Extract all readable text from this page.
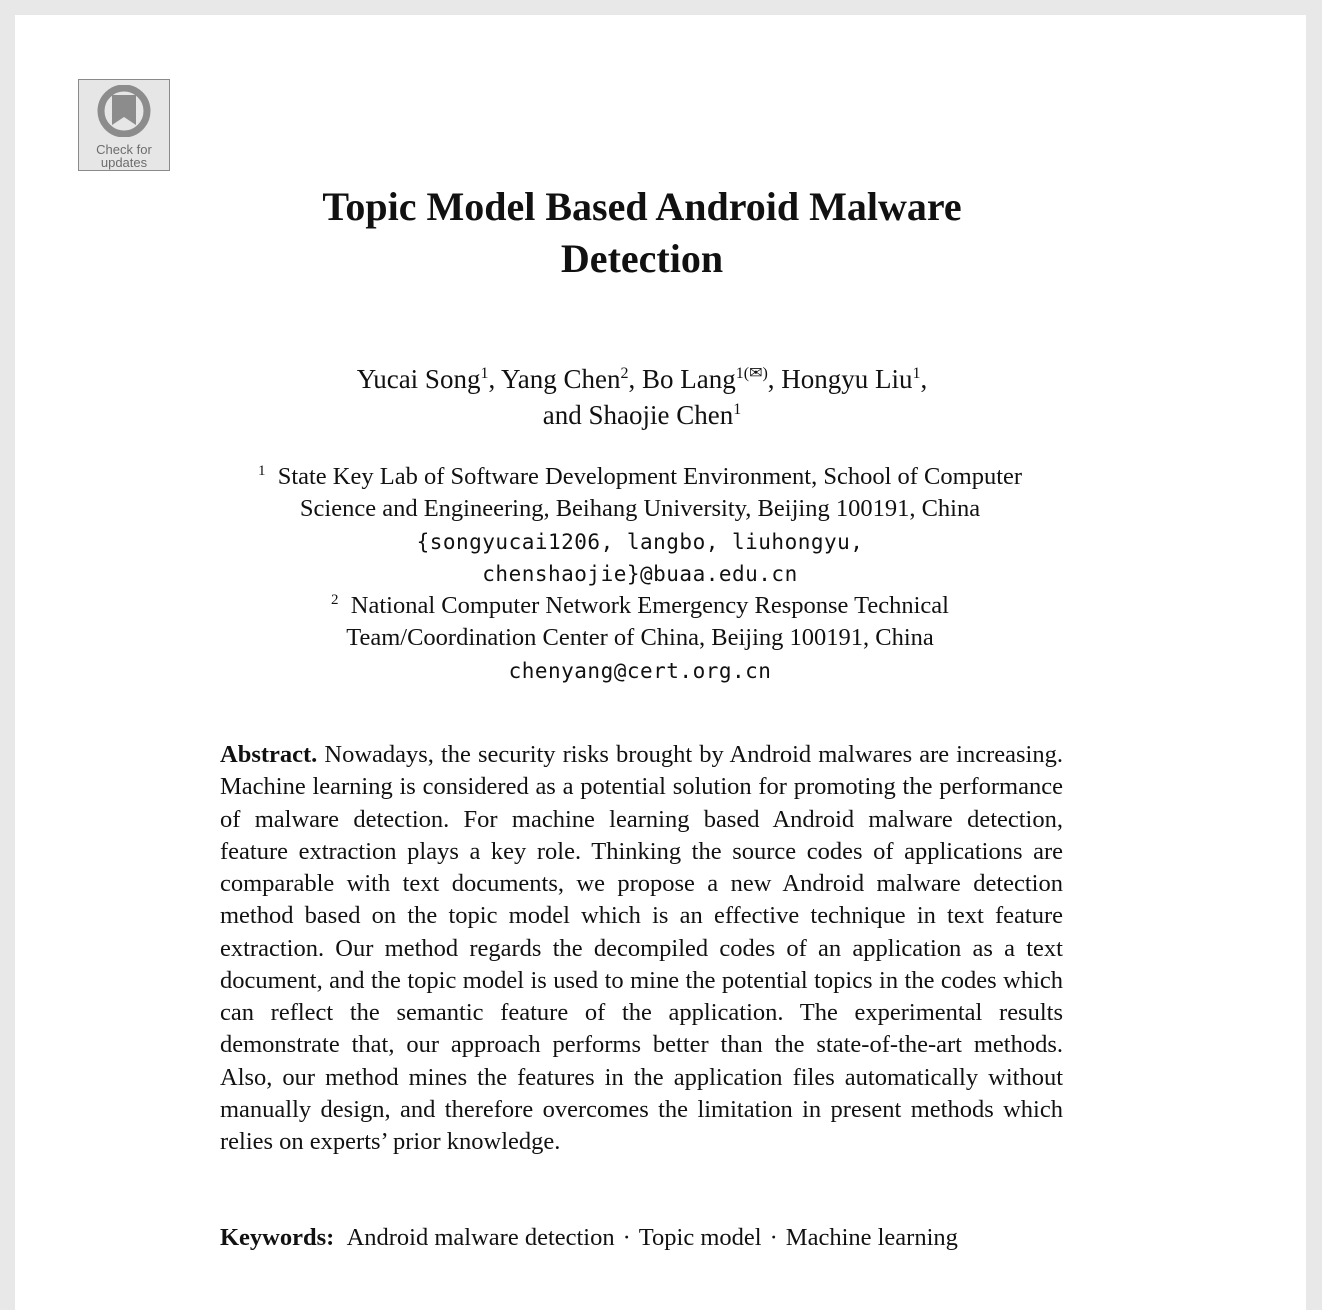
Check for
updates
Topic Model Based Android Malware
Detection
Yucai Song$^1$, Yang Chen$^2$, Bo Lang$^{1(✉)}$, Hongyu Liu$^1$,
and Shaojie Chen$^1$
$^1$ State Key Lab of Software Development Environment, School of Computer
Science and Engineering, Beihang University, Beijing 100191, China
{songyucai1206, langbo, liuhongyu,
chenshaojie}@buaa.edu.cn
$^2$ National Computer Network Emergency Response Technical
Team/Coordination Center of China, Beijing 100191, China
chenyang@cert.org.cn

Abstract. Nowadays, the security risks brought by Android malwares are increasing. Machine learning is considered as a potential solution for promoting the performance of malware detection. For machine learning based Android malware detection, feature extraction plays a key role. Thinking the source codes of applications are comparable with text documents, we propose a new Android malware detection method based on the topic model which is an effective technique in text feature extraction. Our method regards the decompiled codes of an application as a text document, and the topic model is used to mine the potential topics in the codes which can reflect the semantic feature of the application. The experimental results demonstrate that, our approach performs better than the state-of-the-art methods. Also, our method mines the features in the application files automatically without manually design, and therefore overcomes the limitation in present methods which relies on experts’ prior knowledge.

Keywords: Android malware detection · Topic model · Machine learning
